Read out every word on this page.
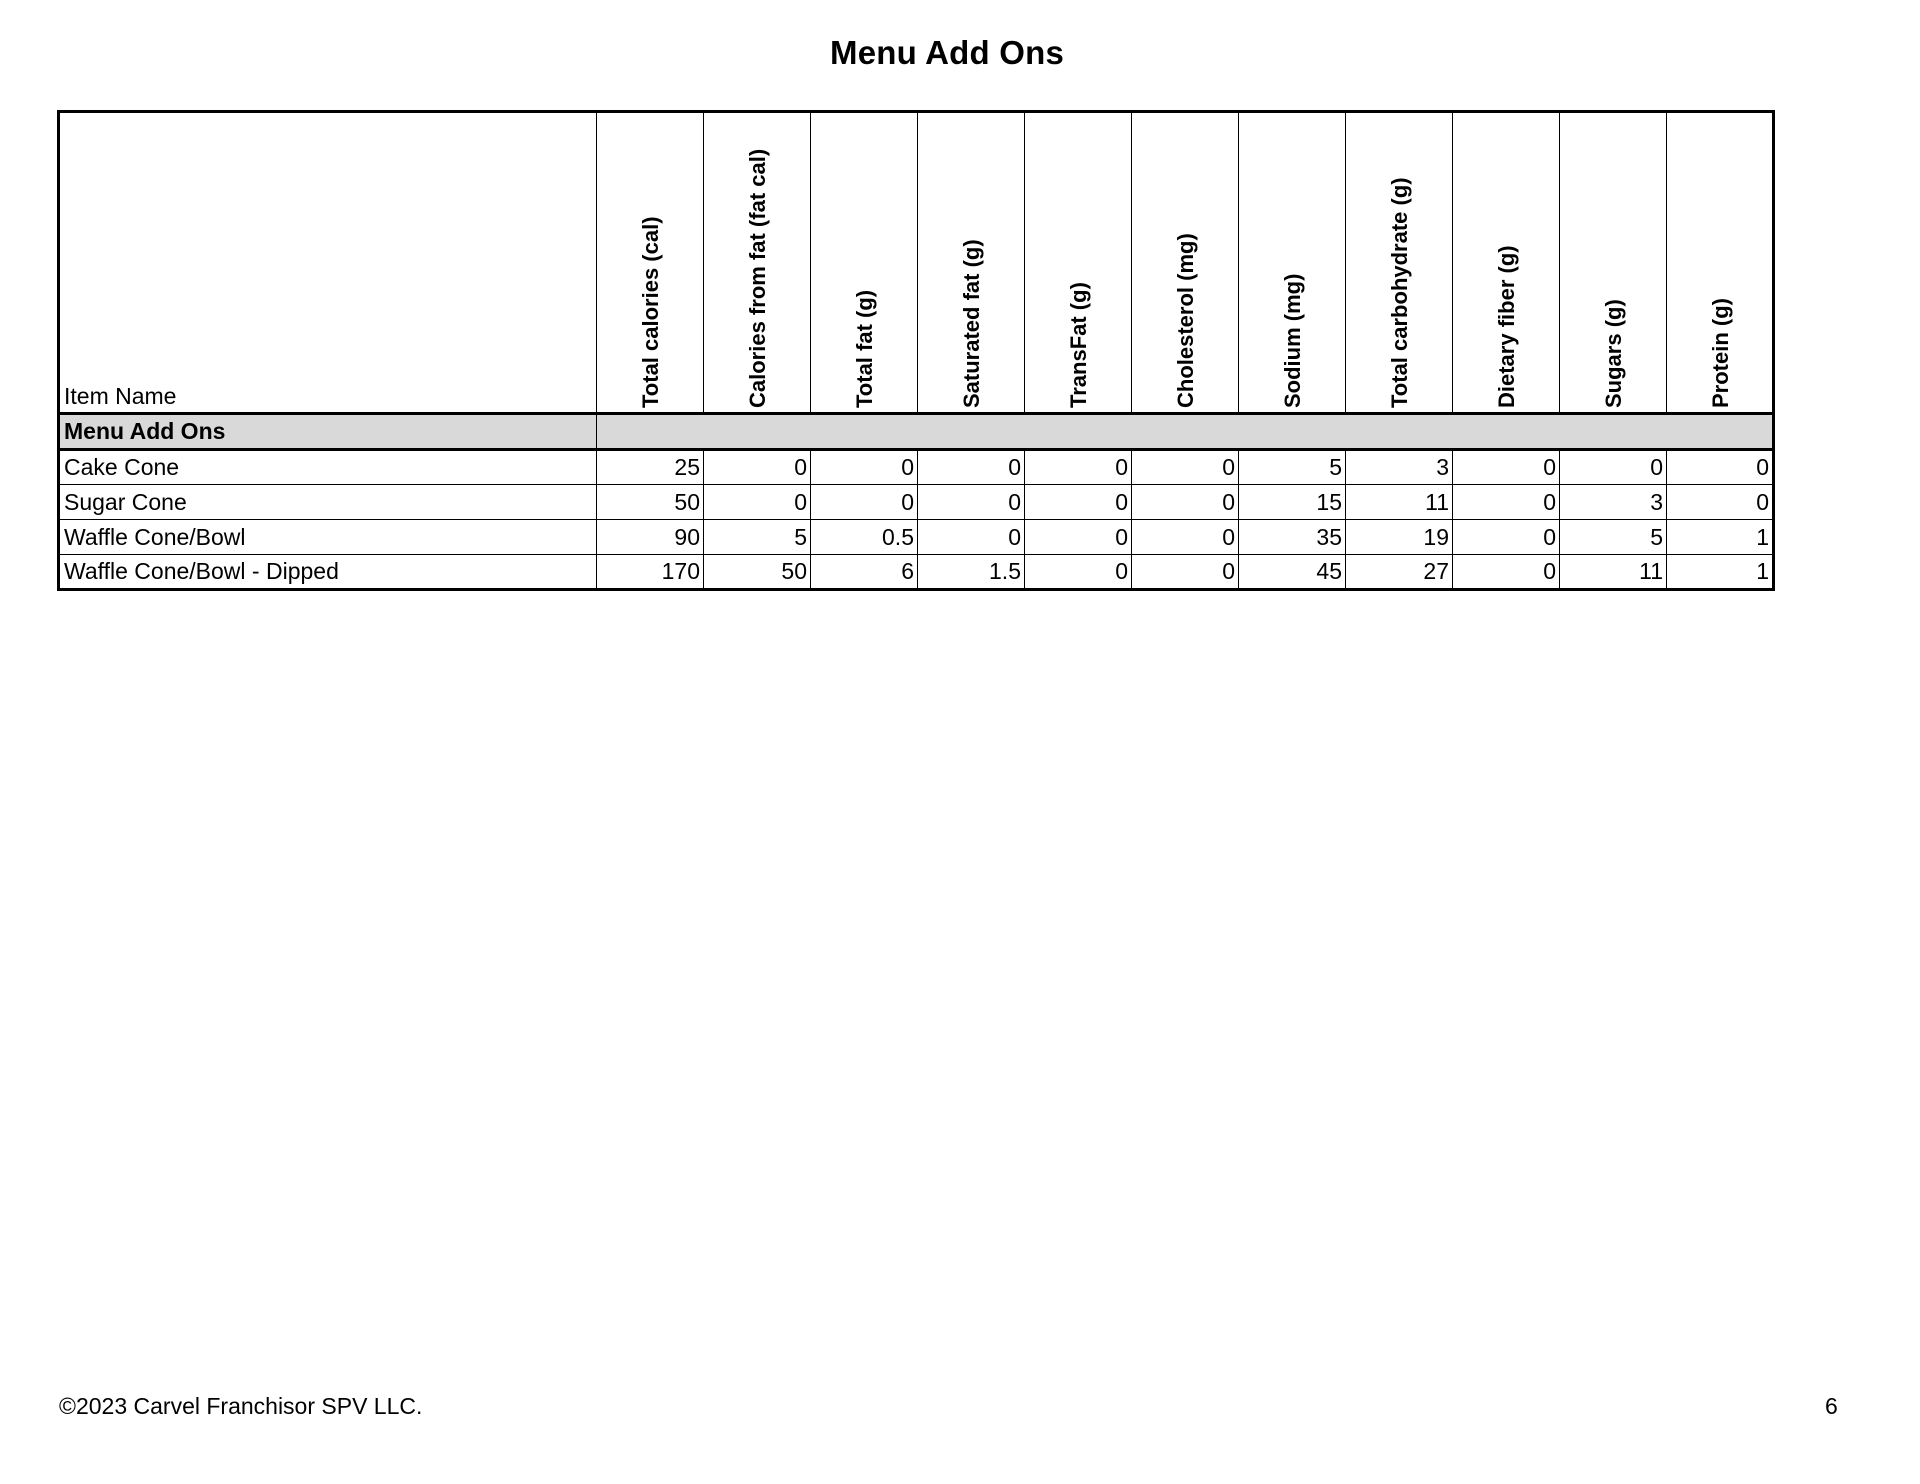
Menu Add Ons
Item Name	Total calories (cal)	Calories from fat (fat cal)	Total fat (g)	Saturated fat (g)	TransFat (g)	Cholesterol (mg)	Sodium (mg)	Total carbohydrate (g)	Dietary fiber (g)	Sugars (g)	Protein (g)

Menu Add Ons											
Cake Cone	25	0	0	0	0	0	5	3	0	0	0
Sugar Cone	50	0	0	0	0	0	15	11	0	3	0
Waffle Cone/Bowl	90	5	0.5	0	0	0	35	19	0	5	1
Waffle Cone/Bowl - Dipped	170	50	6	1.5	0	0	45	27	0	11	1
©2023 Carvel Franchisor SPV LLC.	6
